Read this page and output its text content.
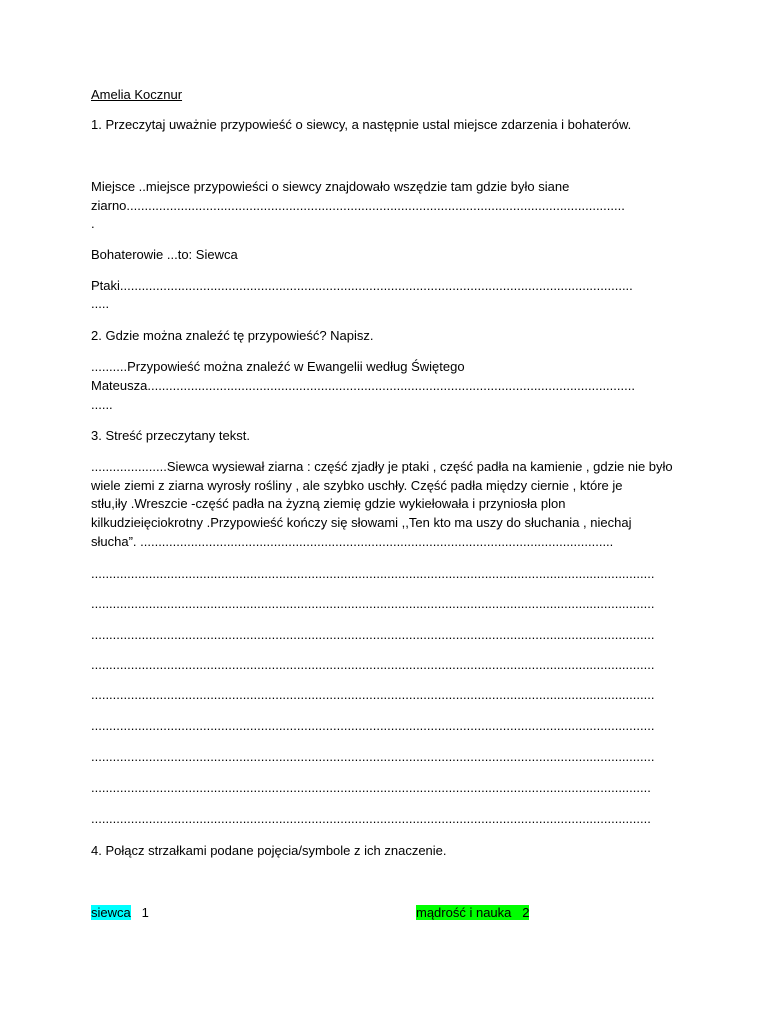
Amelia Kocznur
1. Przeczytaj uważnie przypowieść o siewcy, a następnie ustal miejsce zdarzenia i bohaterów.
Miejsce ..miejsce przypowieści o siewcy znajdowało wszędzie tam gdzie było siane
ziarno..........................................................................................................................................
.
Bohaterowie ...to: Siewca
Ptaki..............................................................................................................................................
.....
2. Gdzie można znaleźć tę przypowieść? Napisz.
..........Przypowieść można znaleźć w Ewangelii według Świętego
Mateusza.......................................................................................................................................
......
3. Streść przeczytany tekst.
.....................Siewca wysiewał ziarna : część zjadły je ptaki , część padła na kamienie , gdzie nie było
wiele ziemi z ziarna wyrosły rośliny , ale szybko uschły. Część padła między ciernie , które je
stłu,iły .Wreszcie -część padła na żyzną ziemię gdzie wykiełowała i przyniosła plon
kilkudzieięciokrotny .Przypowieść kończy się słowami ,,Ten kto ma uszy do słuchania , niechaj
słucha”. ...................................................................................................................................
............................................................................................................................................................
............................................................................................................................................................
............................................................................................................................................................
............................................................................................................................................................
............................................................................................................................................................
............................................................................................................................................................
............................................................................................................................................................
...........................................................................................................................................................
...........................................................................................................................................................
4. Połącz strzałkami podane pojęcia/symbole z ich znaczenie.
siewca 1	mądrość i nauka 2
